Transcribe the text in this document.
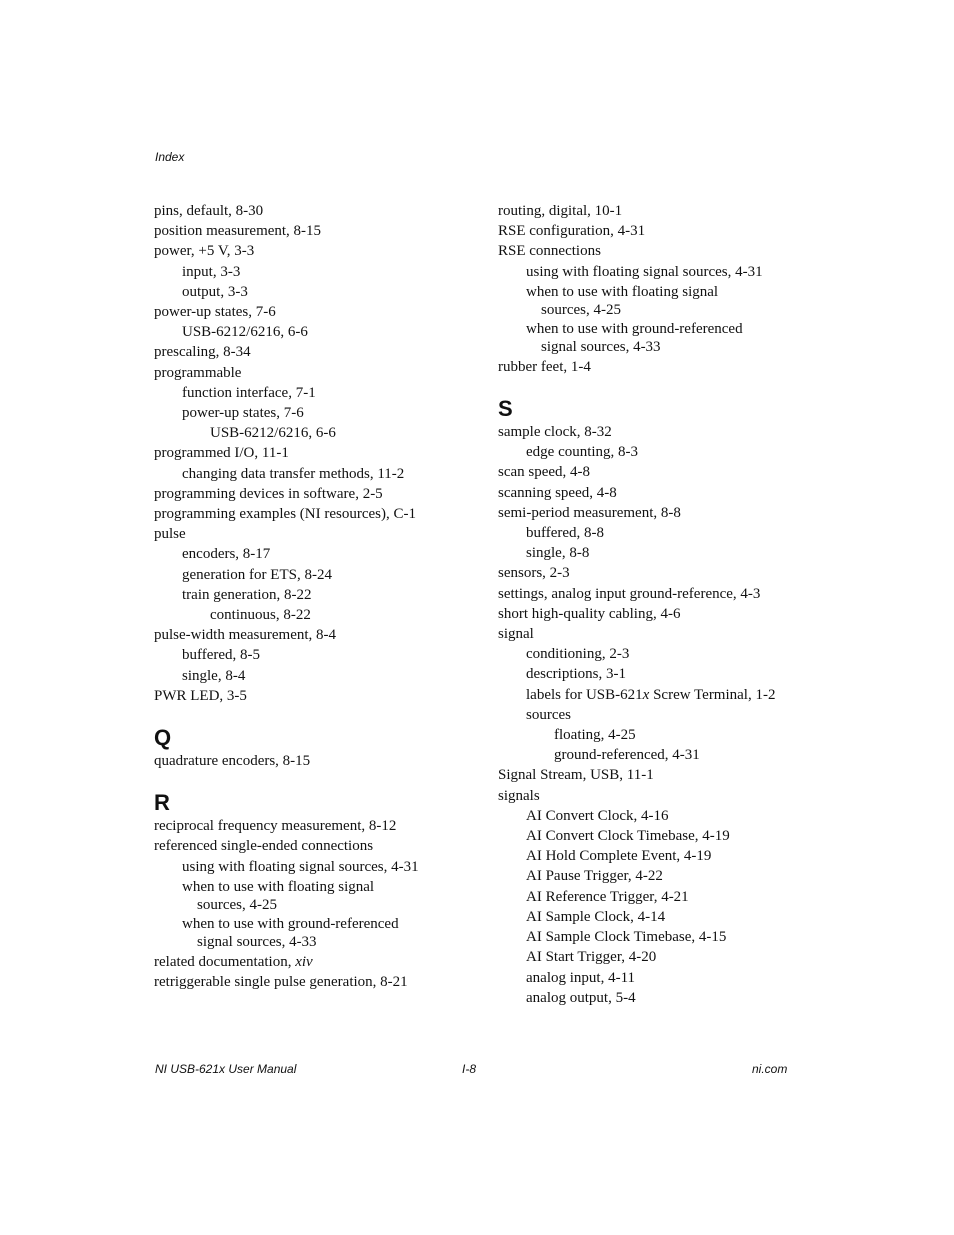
Index
pins, default, 8-30
position measurement, 8-15
power, +5 V, 3-3
input, 3-3
output, 3-3
power-up states, 7-6
USB-6212/6216, 6-6
prescaling, 8-34
programmable
function interface, 7-1
power-up states, 7-6
USB-6212/6216, 6-6
programmed I/O, 11-1
changing data transfer methods, 11-2
programming devices in software, 2-5
programming examples (NI resources), C-1
pulse
encoders, 8-17
generation for ETS, 8-24
train generation, 8-22
continuous, 8-22
pulse-width measurement, 8-4
buffered, 8-5
single, 8-4
PWR LED, 3-5
Q
quadrature encoders, 8-15
R
reciprocal frequency measurement, 8-12
referenced single-ended connections
using with floating signal sources, 4-31
when to use with floating signal
sources, 4-25
when to use with ground-referenced
signal sources, 4-33
related documentation, xiv
retriggerable single pulse generation, 8-21
routing, digital, 10-1
RSE configuration, 4-31
RSE connections
using with floating signal sources, 4-31
when to use with floating signal
sources, 4-25
when to use with ground-referenced
signal sources, 4-33
rubber feet, 1-4
S
sample clock, 8-32
edge counting, 8-3
scan speed, 4-8
scanning speed, 4-8
semi-period measurement, 8-8
buffered, 8-8
single, 8-8
sensors, 2-3
settings, analog input ground-reference, 4-3
short high-quality cabling, 4-6
signal
conditioning, 2-3
descriptions, 3-1
labels for USB-621x Screw Terminal, 1-2
sources
floating, 4-25
ground-referenced, 4-31
Signal Stream, USB, 11-1
signals
AI Convert Clock, 4-16
AI Convert Clock Timebase, 4-19
AI Hold Complete Event, 4-19
AI Pause Trigger, 4-22
AI Reference Trigger, 4-21
AI Sample Clock, 4-14
AI Sample Clock Timebase, 4-15
AI Start Trigger, 4-20
analog input, 4-11
analog output, 5-4
NI USB-621x User Manual	I-8	ni.com
